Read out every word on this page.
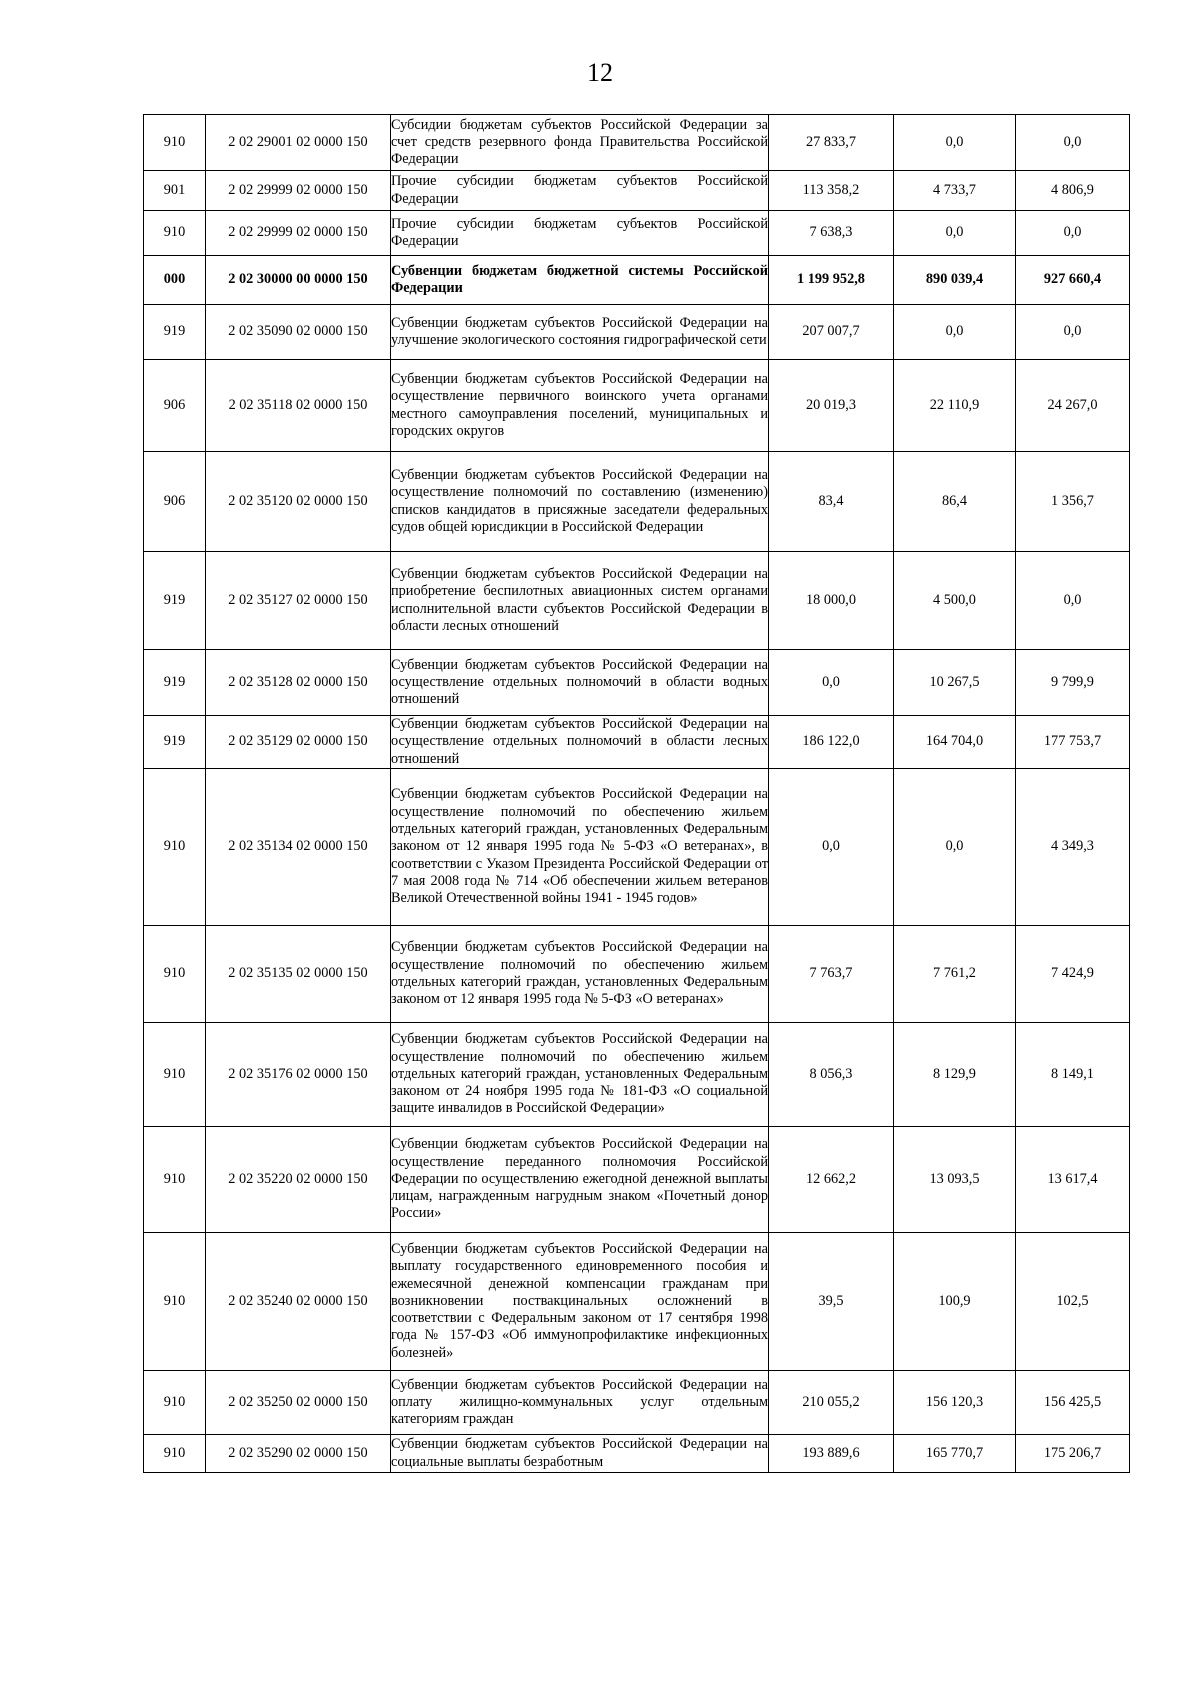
12
910	2 02 29001 02 0000 150	Субсидии бюджетам субъектов Российской Федерации за счет средств резервного фонда Правительства Российской Федерации	27 833,7	0,0	0,0
901	2 02 29999 02 0000 150	Прочие субсидии бюджетам субъектов Российской Федерации	113 358,2	4 733,7	4 806,9
910	2 02 29999 02 0000 150	Прочие субсидии бюджетам субъектов Российской Федерации	7 638,3	0,0	0,0
000	2 02 30000 00 0000 150	Субвенции бюджетам бюджетной системы Российской Федерации	1 199 952,8	890 039,4	927 660,4
919	2 02 35090 02 0000 150	Субвенции бюджетам субъектов Российской Федерации на улучшение экологического состояния гидрографической сети	207 007,7	0,0	0,0
906	2 02 35118 02 0000 150	Субвенции бюджетам субъектов Российской Федерации на осуществление первичного воинского учета органами местного самоуправления поселений, муниципальных и городских округов	20 019,3	22 110,9	24 267,0
906	2 02 35120 02 0000 150	Субвенции бюджетам субъектов Российской Федерации на осуществление полномочий по составлению (изменению) списков кандидатов в присяжные заседатели федеральных судов общей юрисдикции в Российской Федерации	83,4	86,4	1 356,7
919	2 02 35127 02 0000 150	Субвенции бюджетам субъектов Российской Федерации на приобретение беспилотных авиационных систем органами исполнительной власти субъектов Российской Федерации в области лесных отношений	18 000,0	4 500,0	0,0
919	2 02 35128 02 0000 150	Субвенции бюджетам субъектов Российской Федерации на осуществление отдельных полномочий в области водных отношений	0,0	10 267,5	9 799,9
919	2 02 35129 02 0000 150	Субвенции бюджетам субъектов Российской Федерации на осуществление отдельных полномочий в области лесных отношений	186 122,0	164 704,0	177 753,7
910	2 02 35134 02 0000 150	Субвенции бюджетам субъектов Российской Федерации на осуществление полномочий по обеспечению жильем отдельных категорий граждан, установленных Федеральным законом от 12 января 1995 года № 5-ФЗ «О ветеранах», в соответствии с Указом Президента Российской Федерации от 7 мая 2008 года № 714 «Об обеспечении жильем ветеранов Великой Отечественной войны 1941 - 1945 годов»	0,0	0,0	4 349,3
910	2 02 35135 02 0000 150	Субвенции бюджетам субъектов Российской Федерации на осуществление полномочий по обеспечению жильем отдельных категорий граждан, установленных Федеральным законом от 12 января 1995 года № 5-ФЗ «О ветеранах»	7 763,7	7 761,2	7 424,9
910	2 02 35176 02 0000 150	Субвенции бюджетам субъектов Российской Федерации на осуществление полномочий по обеспечению жильем отдельных категорий граждан, установленных Федеральным законом от 24 ноября 1995 года № 181-ФЗ «О социальной защите инвалидов в Российской Федерации»	8 056,3	8 129,9	8 149,1
910	2 02 35220 02 0000 150	Субвенции бюджетам субъектов Российской Федерации на осуществление переданного полномочия Российской Федерации по осуществлению ежегодной денежной выплаты лицам, награжденным нагрудным знаком «Почетный донор России»	12 662,2	13 093,5	13 617,4
910	2 02 35240 02 0000 150	Субвенции бюджетам субъектов Российской Федерации на выплату государственного единовременного пособия и ежемесячной денежной компенсации гражданам при возникновении поствакцинальных осложнений в соответствии с Федеральным законом от 17 сентября 1998 года № 157-ФЗ «Об иммунопрофилактике инфекционных болезней»	39,5	100,9	102,5
910	2 02 35250 02 0000 150	Субвенции бюджетам субъектов Российской Федерации на оплату жилищно-коммунальных услуг отдельным категориям граждан	210 055,2	156 120,3	156 425,5
910	2 02 35290 02 0000 150	Субвенции бюджетам субъектов Российской Федерации на социальные выплаты безработным	193 889,6	165 770,7	175 206,7
